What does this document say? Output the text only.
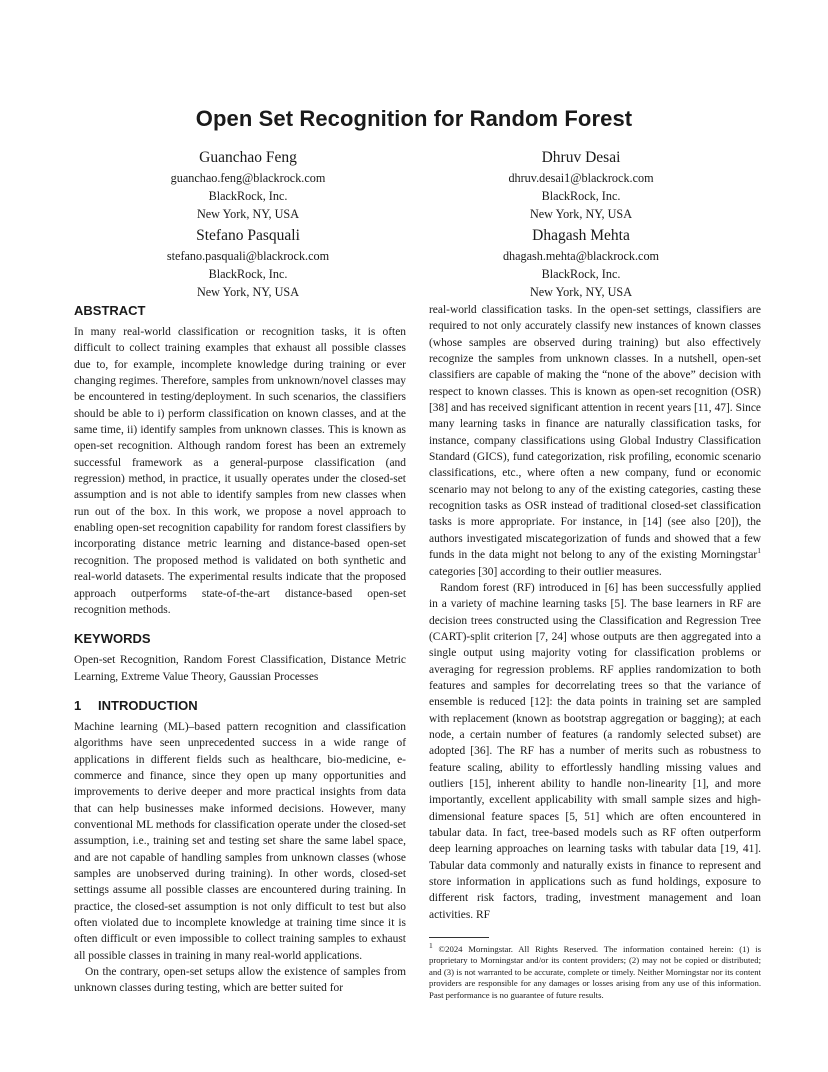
Open Set Recognition for Random Forest
Guanchao Feng
guanchao.feng@blackrock.com
BlackRock, Inc.
New York, NY, USA
Dhruv Desai
dhruv.desai1@blackrock.com
BlackRock, Inc.
New York, NY, USA
Stefano Pasquali
stefano.pasquali@blackrock.com
BlackRock, Inc.
New York, NY, USA
Dhagash Mehta
dhagash.mehta@blackrock.com
BlackRock, Inc.
New York, NY, USA
ABSTRACT

In many real-world classification or recognition tasks, it is often difficult to collect training examples that exhaust all possible classes due to, for example, incomplete knowledge during training or ever changing regimes. Therefore, samples from unknown/novel classes may be encountered in testing/deployment. In such scenarios, the classifiers should be able to i) perform classification on known classes, and at the same time, ii) identify samples from unknown classes. This is known as open-set recognition. Although random forest has been an extremely successful framework as a general-purpose classification (and regression) method, in practice, it usually operates under the closed-set assumption and is not able to identify samples from new classes when run out of the box. In this work, we propose a novel approach to enabling open-set recognition capability for random forest classifiers by incorporating distance metric learning and distance-based open-set recognition. The proposed method is validated on both synthetic and real-world datasets. The experimental results indicate that the proposed approach outperforms state-of-the-art distance-based open-set recognition methods.

KEYWORDS

Open-set Recognition, Random Forest Classification, Distance Metric Learning, Extreme Value Theory, Gaussian Processes

1 INTRODUCTION

Machine learning (ML)–based pattern recognition and classification algorithms have seen unprecedented success in a wide range of applications in different fields such as healthcare, bio-medicine, e-commerce and finance, since they open up many opportunities and improvements to derive deeper and more practical insights from data that can help businesses make informed decisions. However, many conventional ML methods for classification operate under the closed-set assumption, i.e., training set and testing set share the same label space, and are not capable of handling samples from unknown classes (whose samples are unobserved during training). In other words, closed-set settings assume all possible classes are encountered during training. In practice, the closed-set assumption is not only difficult to test but also often violated due to incomplete knowledge at training time since it is often difficult or even impossible to collect training samples to exhaust all possible classes in training in many real-world applications.

On the contrary, open-set setups allow the existence of samples from unknown classes during testing, which are better suited for

real-world classification tasks. In the open-set settings, classifiers are required to not only accurately classify new instances of known classes (whose samples are observed during training) but also effectively recognize the samples from unknown classes. In a nutshell, open-set classifiers are capable of making the “none of the above” decision with respect to known classes. This is known as open-set recognition (OSR) [38] and has received significant attention in recent years [11, 47]. Since many learning tasks in finance are naturally classification tasks, for instance, company classifications using Global Industry Classification Standard (GICS), fund categorization, risk profiling, economic scenario classifications, etc., where often a new company, fund or economic scenario may not belong to any of the existing categories, casting these recognition tasks as OSR instead of traditional closed-set classification tasks is more appropriate. For instance, in [14] (see also [20]), the authors investigated miscategorization of funds and showed that a few funds in the data might not belong to any of the existing Morningstar$^1$ categories [30] according to their outlier measures.

Random forest (RF) introduced in [6] has been successfully applied in a variety of machine learning tasks [5]. The base learners in RF are decision trees constructed using the Classification and Regression Tree (CART)-split criterion [7, 24] whose outputs are then aggregated into a single output using majority voting for classification problems or averaging for regression problems. RF applies randomization to both features and samples for decorrelating trees so that the variance of ensemble is reduced [12]: the data points in training set are sampled with replacement (known as bootstrap aggregation or bagging); at each node, a certain number of features (a randomly selected subset) are adopted [36]. The RF has a number of merits such as robustness to feature scaling, ability to effortlessly handling missing values and outliers [15], inherent ability to handle non-linearity [1], and more importantly, excellent applicability with small sample sizes and high-dimensional feature spaces [5, 51] which are often encountered in tabular data. In fact, tree-based models such as RF often outperform deep learning approaches on learning tasks with tabular data [19, 41]. Tabular data commonly and naturally exists in finance to represent and store information in applications such as fund holdings, exposure to different risk factors, trading, investment management and loan activities. RF

$^1$ ©2024 Morningstar. All Rights Reserved. The information contained herein: (1) is proprietary to Morningstar and/or its content providers; (2) may not be copied or distributed; and (3) is not warranted to be accurate, complete or timely. Neither Morningstar nor its content providers are responsible for any damages or losses arising from any use of this information. Past performance is no guarantee of future results.
